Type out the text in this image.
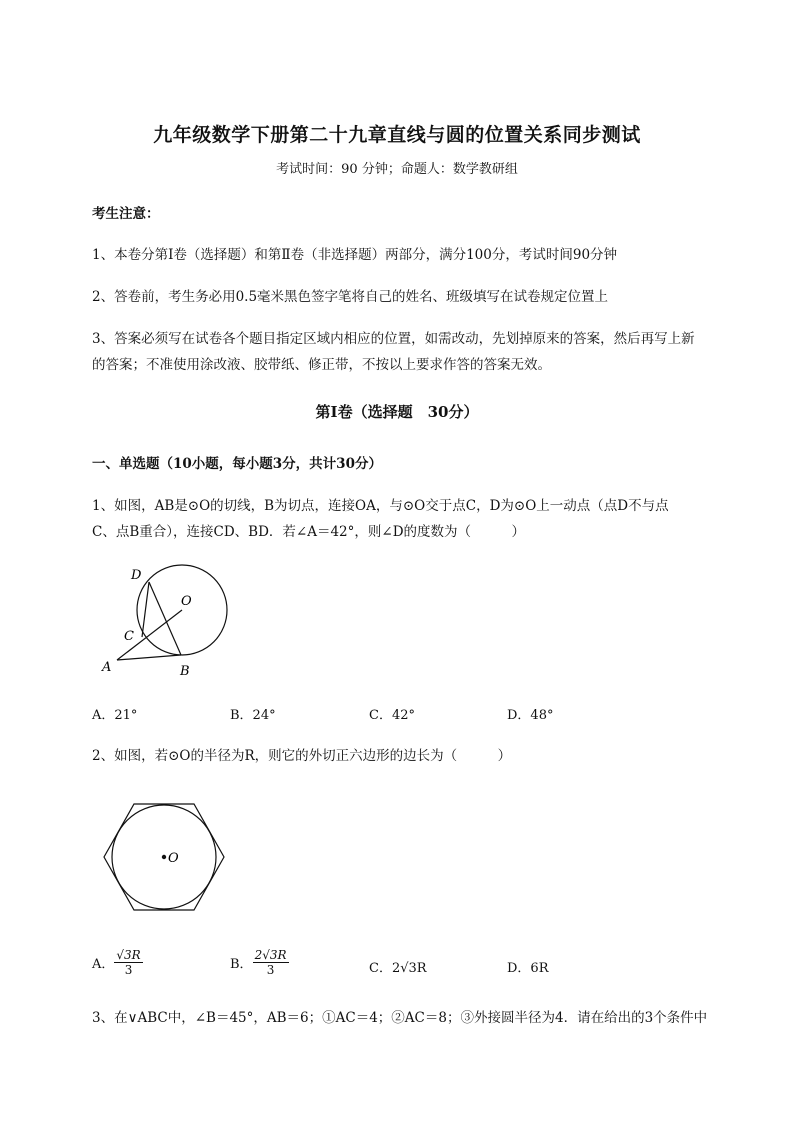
九年级数学下册第二十九章直线与圆的位置关系同步测试
考试时间：90 分钟；命题人：数学教研组
考生注意：
1、本卷分第Ⅰ卷（选择题）和第Ⅱ卷（非选择题）两部分，满分100分，考试时间90分钟
2、答卷前，考生务必用0.5毫米黑色签字笔将自己的姓名、班级填写在试卷规定位置上
3、答案必须写在试卷各个题目指定区域内相应的位置，如需改动，先划掉原来的答案，然后再写上新
的答案；不准使用涂改液、胶带纸、修正带，不按以上要求作答的答案无效。
第Ⅰ卷（选择题　30分）
一、单选题（10小题，每小题3分，共计30分）
1、如图，AB是⊙O的切线，B为切点，连接OA，与⊙O交于点C，D为⊙O上一动点（点D不与点
C、点B重合），连接CD、BD．若∠A＝42°，则∠D的度数为（　　　）
D
O
C
A	B
A．21°	B．24°	C．42°	D．48°
2、如图，若⊙O的半径为R，则它的外切正六边形的边长为（　　　）
O
A． $\frac{√3R}{3}$	B． $\frac{2√3R}{3}$	C．2√3R	D．6R
3、在∨ABC中，∠B＝45°，AB＝6；①AC＝4；②AC＝8；③外接圆半径为4．请在给出的3个条件中
